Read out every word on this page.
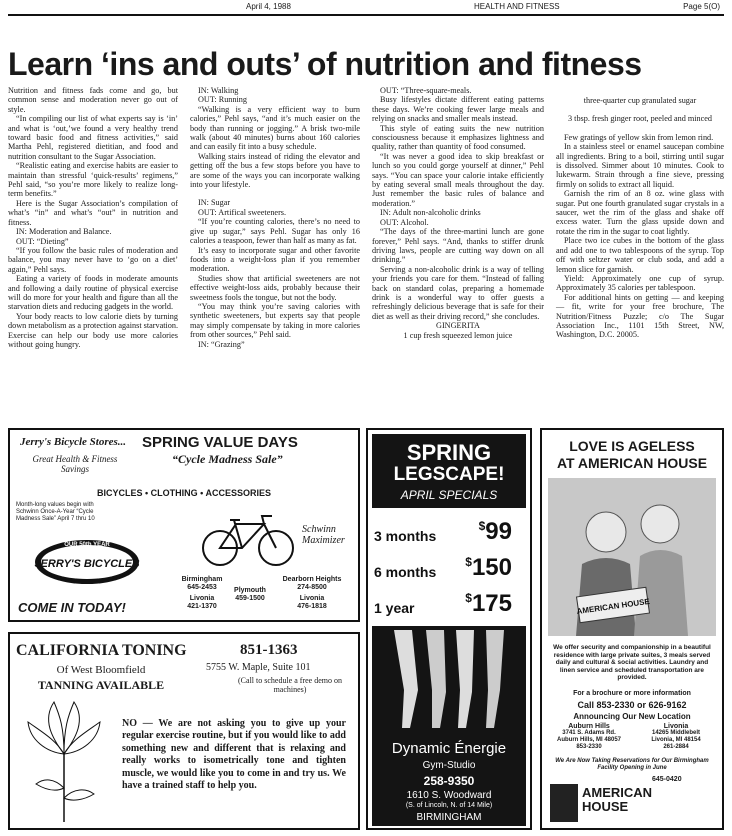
April 4, 1988	HEALTH AND FITNESS	Page 5(O)
Learn ‘ins and outs’ of nutrition and fitness

Nutrition and fitness fads come and go, but common sense and moderation never go out of style.

“In compiling our list of what experts say is ‘in’ and what is ‘out,’we found a very healthy trend toward basic food and fitness activities,” said Martha Pehl, registered dietitian, and food and nutrition consultant to the Sugar Association.

“Realistic eating and exercise habits are easier to maintain than stressful ‘quick-results’ regimens,” Pehl said, “so you’re more likely to realize long-term benefits.”

Here is the Sugar Association’s compilation of what’s “in” and what’s “out” in nutrition and fitness.

IN: Moderation and Balance.

OUT: “Dieting”

“If you follow the basic rules of moderation and balance, you may never have to ‘go on a diet’ again,” Pehl says.

Eating a variety of foods in moderate amounts and following a daily routine of physical exercise will do more for your health and figure than all the starvation diets and reducing gadgets in the world.

Your body reacts to low calorie diets by turning down metabolism as a protection against starvation. Exercise can help our body use more calories without going hungry.

IN: Walking

OUT: Running

“Walking is a very efficient way to burn calories,” Pehl says, “and it’s much easier on the body than running or jogging.” A brisk two-mile walk (about 40 minutes) burns about 160 calories and can easily fit into a busy schedule.

Walking stairs instead of riding the elevator and getting off the bus a few stops before you have to are some of the ways you can incorporate walking into your lifestyle.

IN: Sugar

OUT: Artifical sweeteners.

“If you’re counting calories, there’s no need to give up sugar,” says Pehl. Sugar has only 16 calories a teaspoon, fewer than half as many as fat.

It’s easy to incorporate sugar and other favorite foods into a weight-loss plan if you remember moderation.

Studies show that artificial sweeteners are not effective weight-loss aids, probably because their sweetness fools the tongue, but not the body.

“You may think you’re saving calories with synthetic sweeteners, but experts say that people may simply compensate by taking in more calories from other sources,” Pehl said.

IN: “Grazing”

OUT: “Three-square-meals.

Busy lifestyles dictate different eating patterns these days. We’re cooking fewer large meals and relying on snacks and smaller meals instead.

This style of eating suits the new nutrition consciousness because it emphasizes lightness and quality, rather than quantity of food consumed.

“It was never a good idea to skip breakfast or lunch so you could gorge yourself at dinner,” Pehl says. “You can space your calorie intake efficiently by eating several small meals throughout the day. Just remember the basic rules of balance and moderation.”

IN: Adult non-alcoholic drinks

OUT: Alcohol.

“The days of the three-martini lunch are gone forever,” Pehl says. “And, thanks to stiffer drunk driving laws, people are cutting way down on all drinking.”

Serving a non-alcoholic drink is a way of telling your friends you care for them. “Instead of falling back on standard colas, preparing a homemade drink is a wonderful way to offer guests a refreshingly delicious beverage that is safe for their diet as well as their driving record,” she concludes.

GINGERITA

1 cup fresh squeezed lemon juice

three-quarter cup granulated sugar

3 tbsp. fresh ginger root, peeled and minced

Few gratings of yellow skin from lemon rind.

In a stainless steel or enamel saucepan combine all ingredients. Bring to a boil, stirring until sugar is dissolved. Simmer about 10 minutes. Cook to lukewarm. Strain through a fine sieve, pressing firmly on solids to extract all liquid.

Garnish the rim of an 8 oz. wine glass with sugar. Put one fourth granulated sugar crystals in a saucer, wet the rim of the glass and shake off excess water. Turn the glass upside down and rotate the rim in the sugar to coat lightly.

Place two ice cubes in the bottom of the glass and add one to two tablespoons of the syrup. Top off with seltzer water or club soda, and add a lemon slice for garnish.

Yield: Approximately one cup of syrup. Approximately 35 calories per tablespoon.

For additional hints on getting — and keeping — fit, write for your free brochure, The Nutrition/Fitness Puzzle; c/o The Sugar Association Inc., 1101 15th Street, NW, Washington, D.C. 20005.

Jerry's Bicycle Stores... SPRING VALUE DAYS
“Cycle Madness Sale”
Great Health & Fitness Savings
BICYCLES • CLOTHING • ACCESSORIES
Month-long values begin with Schwinn Once-A-Year “Cycle Madness Sale” April 7 thru 10
OUR 50th YEAR
JERRY'S BICYCLES
Schwinn Maximizer
COME IN TODAY!
Birmingham
645-2453
Livonia
421-1370
Plymouth
459-1500
Dearborn Heights
274-8500
Livonia
476-1818
SPRING
LEGSCAPE!
APRIL SPECIALS
3 months
$99
6 months
$150
1 year
$175
Dynamic Énergie
Gym-Studio
258-9350
1610 S. Woodward
(S. of Lincoln, N. of 14 Mile)
BIRMINGHAM
LOVE IS AGELESS
AT AMERICAN HOUSE
AMERICAN HOUSE
We offer security and companionship in a beautiful residence with large private suites, 3 meals served daily and cultural & social activities. Laundry and linen service and scheduled transportation are provided.
For a brochure or more information
Call 853-2330 or 626-9162
Announcing Our New Location
Auburn Hills
3741 S. Adams Rd.
Auburn Hills, MI 48057
853-2330
Livonia
14265 Middlebelt
Livonia, MI 48154
261-2884
We Are Now Taking Reservations for Our Birmingham Facility Opening in June
645-0420
AMERICAN
HOUSE
CALIFORNIA TONING	851-1363
Of West Bloomfield
TANNING AVAILABLE
5755 W. Maple, Suite 101
(Call to schedule a free demo on machines)
NO — We are not asking you to give up your regular exercise routine, but if you would like to add something new and different that is relaxing and really works to isometrically tone and tighten muscle, we would like you to come in and try us. We have a trained staff to help you.
